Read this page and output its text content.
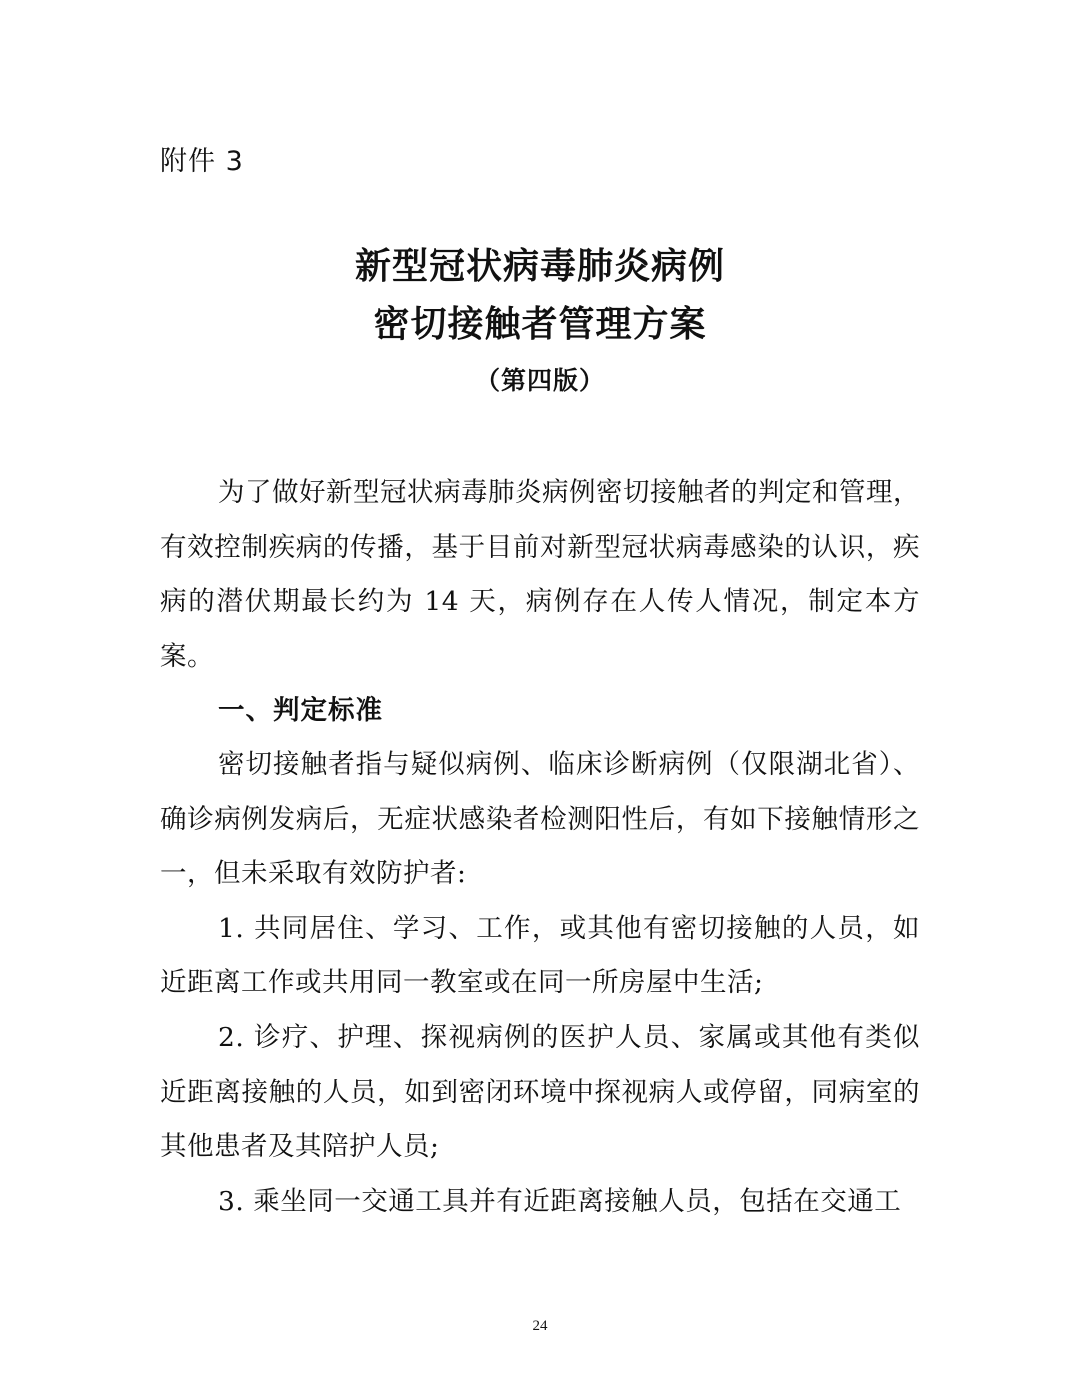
附件 3
新型冠状病毒肺炎病例
密切接触者管理方案
（第四版）

为了做好新型冠状病毒肺炎病例密切接触者的判定和管理，有效控制疾病的传播，基于目前对新型冠状病毒感染的认识，疾病的潜伏期最长约为 14 天，病例存在人传人情况，制定本方案。

一、判定标准

密切接触者指与疑似病例、临床诊断病例（仅限湖北省）、确诊病例发病后，无症状感染者检测阳性后，有如下接触情形之一，但未采取有效防护者:

1. 共同居住、学习、工作，或其他有密切接触的人员，如近距离工作或共用同一教室或在同一所房屋中生活;

2. 诊疗、护理、探视病例的医护人员、家属或其他有类似近距离接触的人员，如到密闭环境中探视病人或停留，同病室的其他患者及其陪护人员;

3. 乘坐同一交通工具并有近距离接触人员，包括在交通工

24
